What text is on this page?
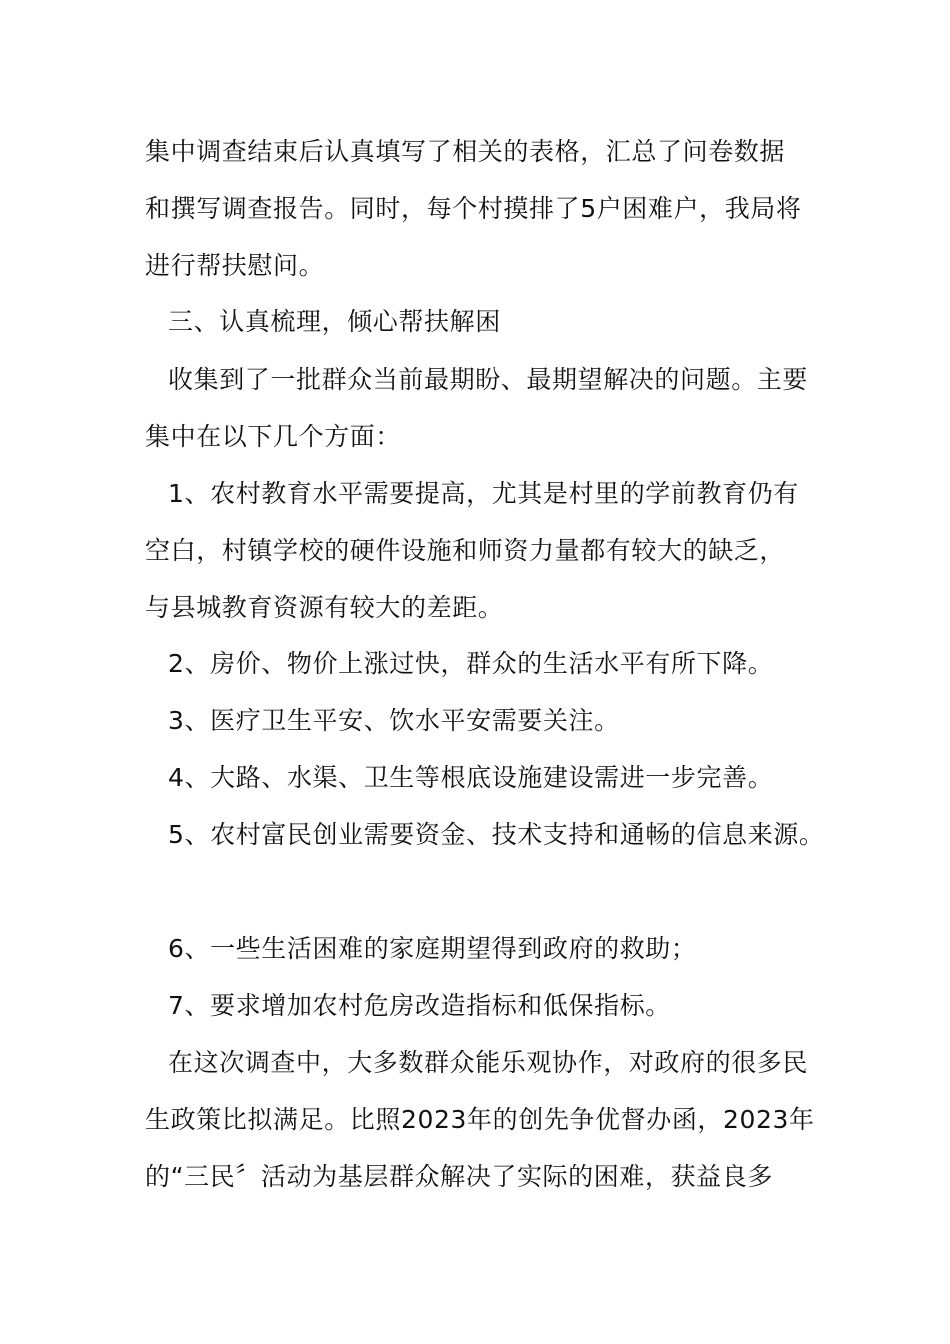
集中调查结束后认真填写了相关的表格，汇总了问卷数据
和撰写调查报告。同时，每个村摸排了5户困难户，我局将
进行帮扶慰问。
三、认真梳理，倾心帮扶解困
收集到了一批群众当前最期盼、最期望解决的问题。主要
集中在以下几个方面：
1、农村教育水平需要提高，尤其是村里的学前教育仍有
空白，村镇学校的硬件设施和师资力量都有较大的缺乏，
与县城教育资源有较大的差距。
2、房价、物价上涨过快，群众的生活水平有所下降。
3、医疗卫生平安、饮水平安需要关注。
4、大路、水渠、卫生等根底设施建设需进一步完善。
5、农村富民创业需要资金、技术支持和通畅的信息来源。
6、一些生活困难的家庭期望得到政府的救助；
7、要求增加农村危房改造指标和低保指标。
在这次调查中，大多数群众能乐观协作，对政府的很多民
生政策比拟满足。比照2023年的创先争优督办函，2023年
的“三民〞活动为基层群众解决了实际的困难，获益良多
